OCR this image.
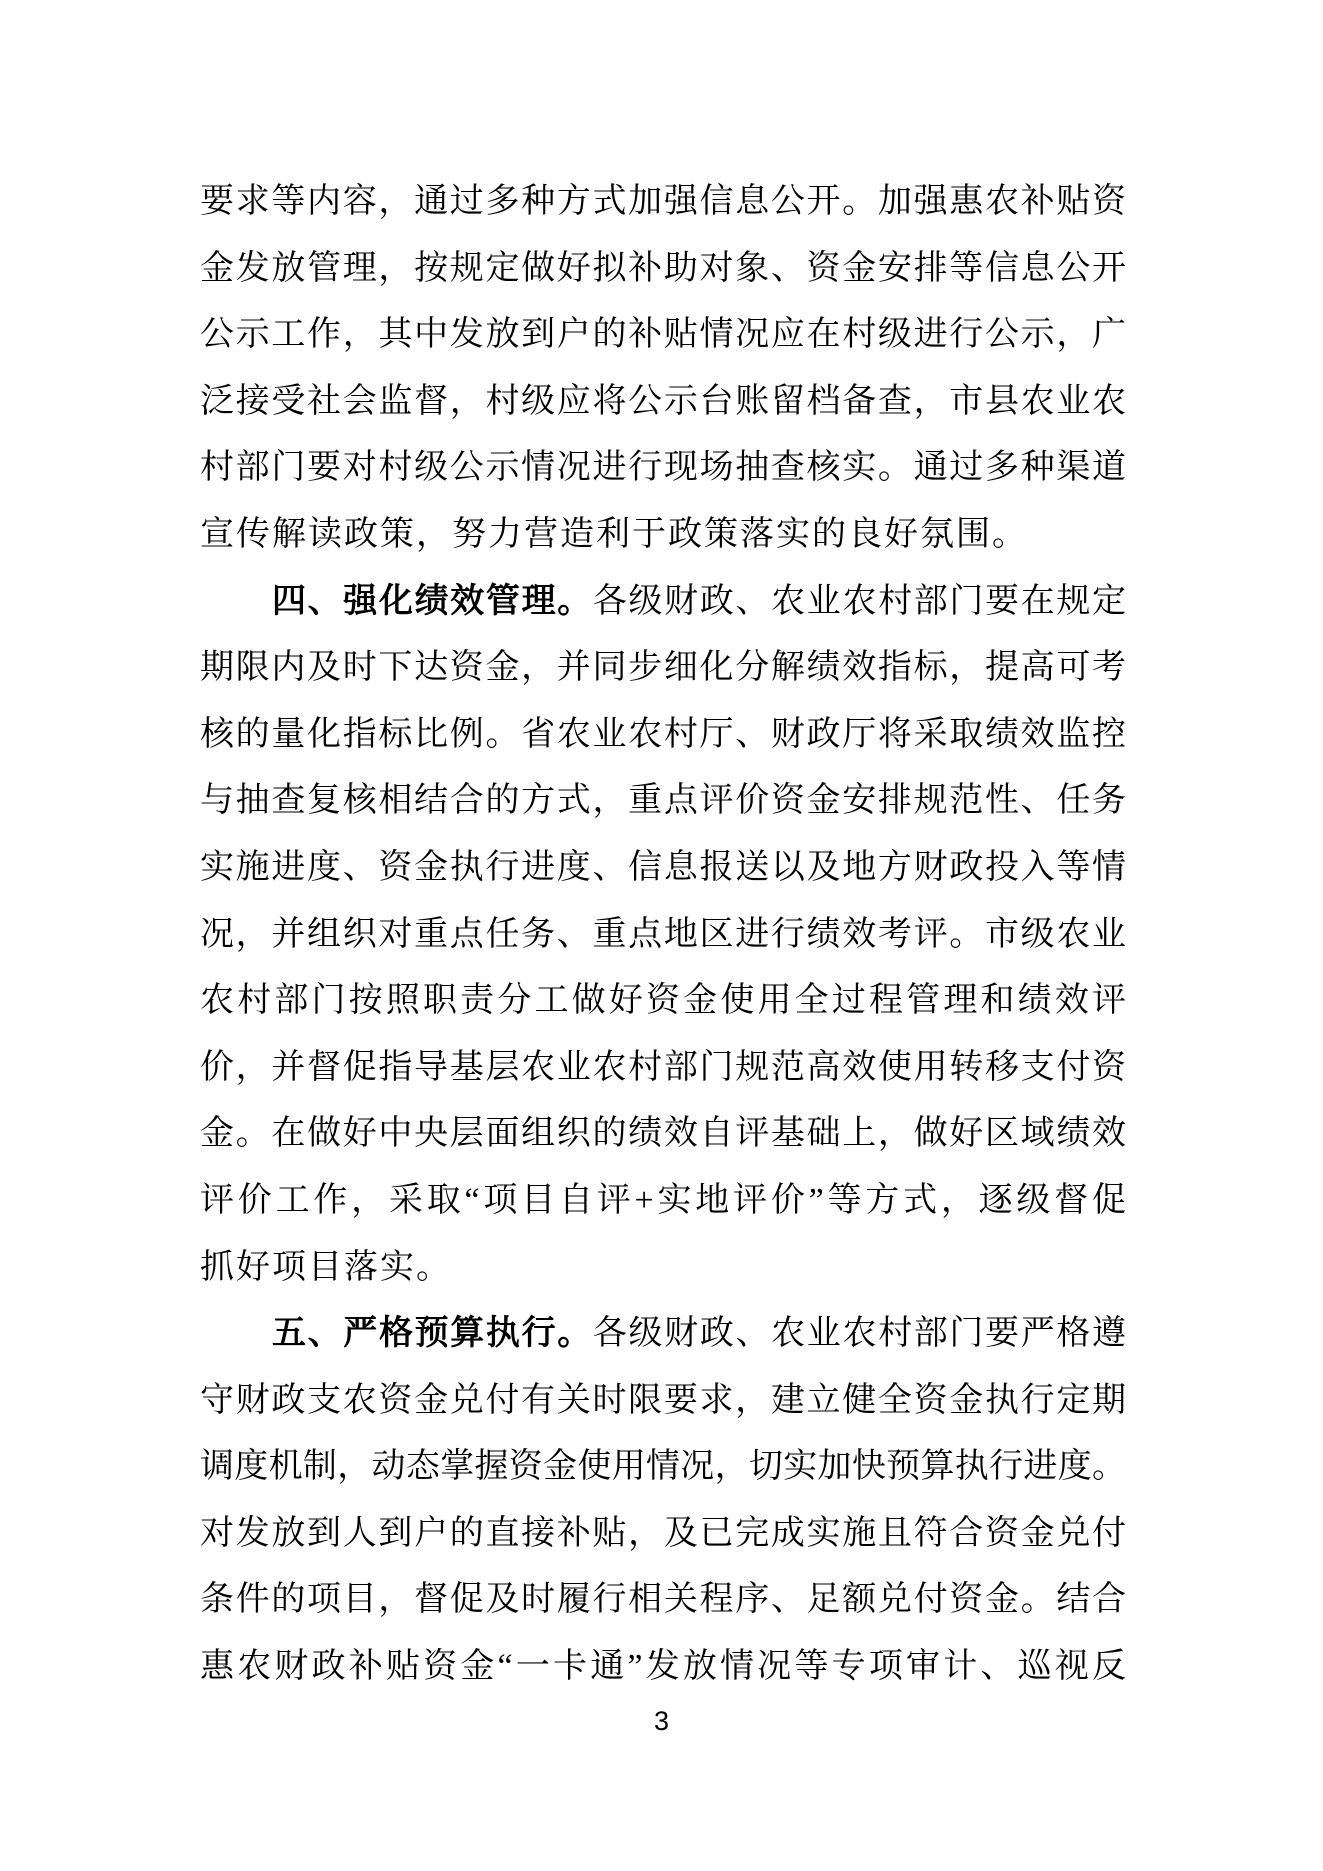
要求等内容，通过多种方式加强信息公开。加强惠农补贴资
金发放管理，按规定做好拟补助对象、资金安排等信息公开
公示工作，其中发放到户的补贴情况应在村级进行公示，广
泛接受社会监督，村级应将公示台账留档备查，市县农业农
村部门要对村级公示情况进行现场抽查核实。通过多种渠道
宣传解读政策，努力营造利于政策落实的良好氛围。
四、强化绩效管理。各级财政、农业农村部门要在规定
期限内及时下达资金，并同步细化分解绩效指标，提高可考
核的量化指标比例。省农业农村厅、财政厅将采取绩效监控
与抽查复核相结合的方式，重点评价资金安排规范性、任务
实施进度、资金执行进度、信息报送以及地方财政投入等情
况，并组织对重点任务、重点地区进行绩效考评。市级农业
农村部门按照职责分工做好资金使用全过程管理和绩效评
价，并督促指导基层农业农村部门规范高效使用转移支付资
金。在做好中央层面组织的绩效自评基础上，做好区域绩效
评价工作，采取“项目自评+实地评价”等方式，逐级督促
抓好项目落实。
五、严格预算执行。各级财政、农业农村部门要严格遵
守财政支农资金兑付有关时限要求，建立健全资金执行定期
调度机制，动态掌握资金使用情况，切实加快预算执行进度。
对发放到人到户的直接补贴，及已完成实施且符合资金兑付
条件的项目，督促及时履行相关程序、足额兑付资金。结合
惠农财政补贴资金“一卡通”发放情况等专项审计、巡视反
3
